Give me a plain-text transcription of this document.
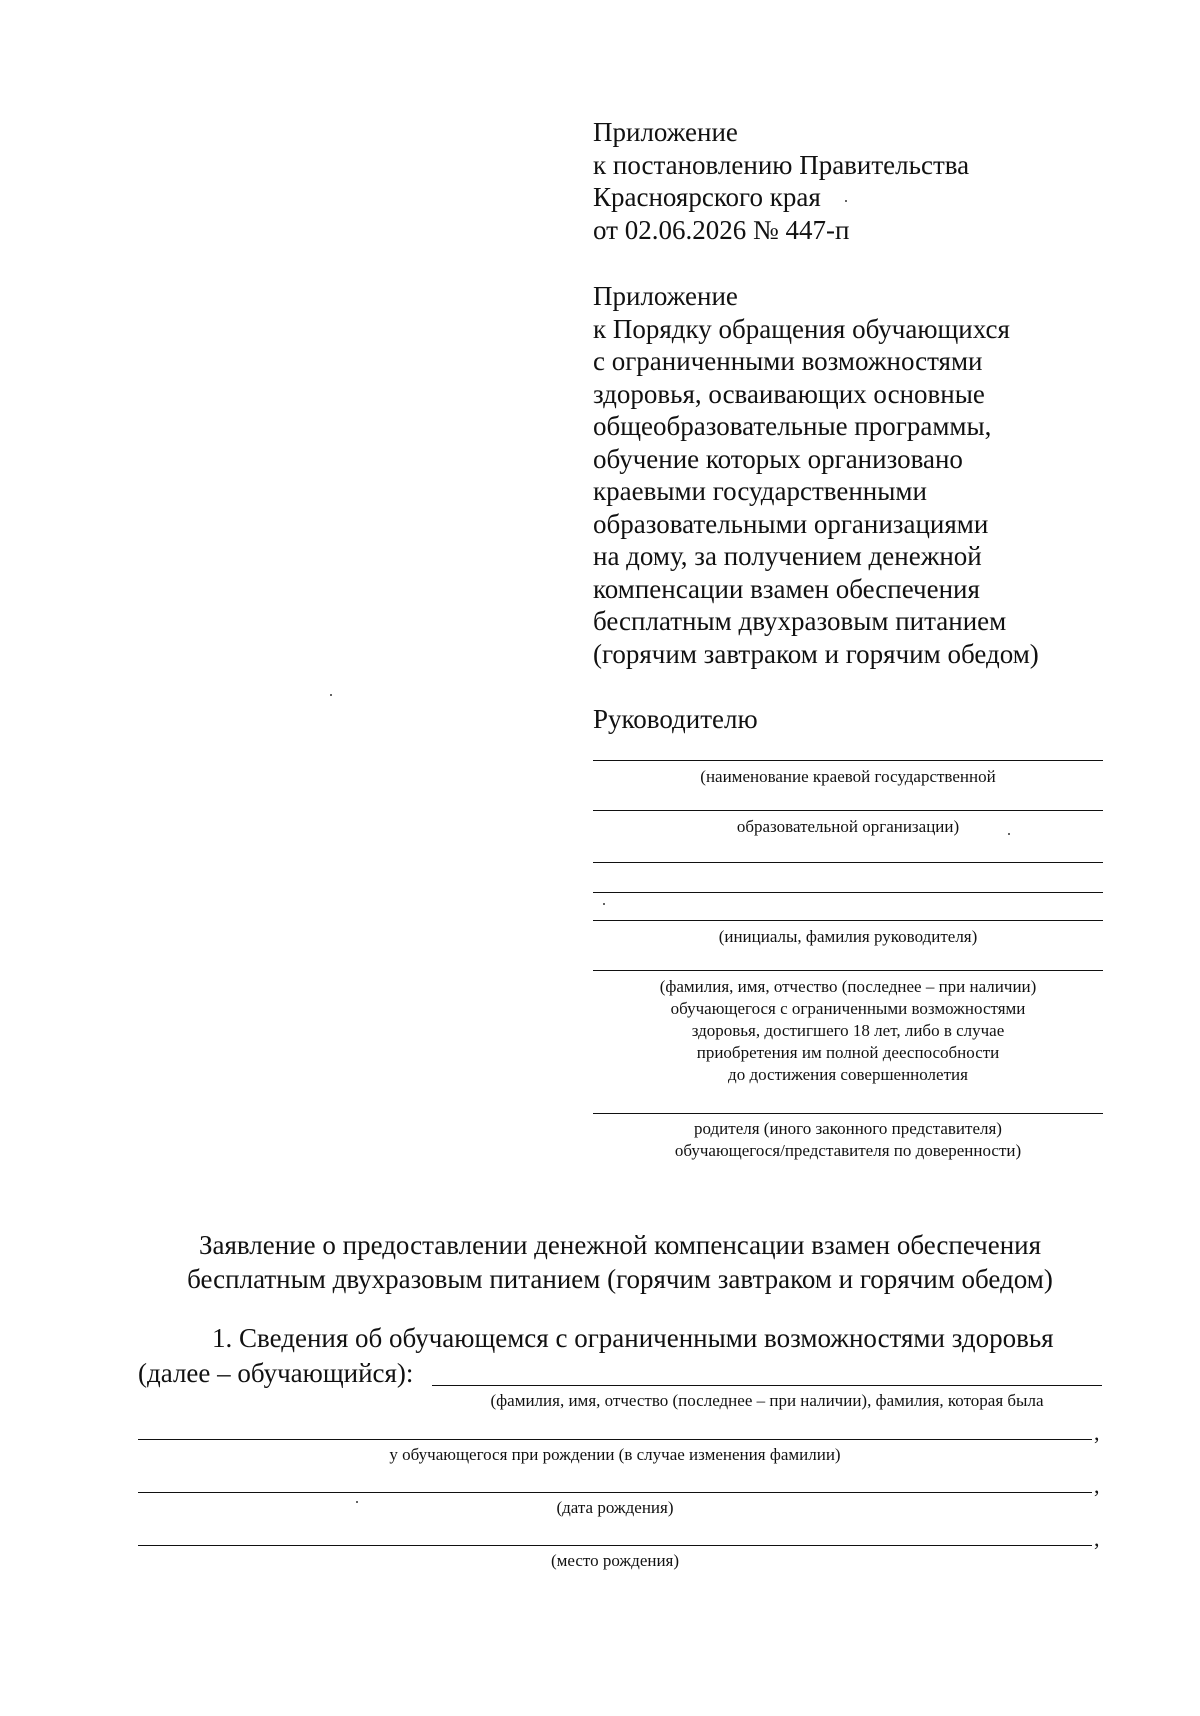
Приложение
к постановлению Правительства
Красноярского края
от 02.06.2026 № 447-п
Приложение
к Порядку обращения обучающихся
с ограниченными возможностями
здоровья, осваивающих основные
общеобразовательные программы,
обучение которых организовано
краевыми государственными
образовательными организациями
на дому, за получением денежной
компенсации взамен обеспечения
бесплатным двухразовым питанием
(горячим завтраком и горячим обедом)
Руководителю
(наименование краевой государственной
образовательной организации)
(инициалы, фамилия руководителя)
(фамилия, имя, отчество (последнее – при наличии)
обучающегося с ограниченными возможностями
здоровья, достигшего 18 лет, либо в случае
приобретения им полной дееспособности
до достижения совершеннолетия
родителя (иного законного представителя)
обучающегося/представителя по доверенности)
Заявление о предоставлении денежной компенсации взамен обеспечения
бесплатным двухразовым питанием (горячим завтраком и горячим обедом)
1. Сведения об обучающемся с ограниченными возможностями здоровья
(далее – обучающийся):
(фамилия, имя, отчество (последнее – при наличии), фамилия, которая была
,
у обучающегося при рождении (в случае изменения фамилии)
,
(дата рождения)
,
(место рождения)
